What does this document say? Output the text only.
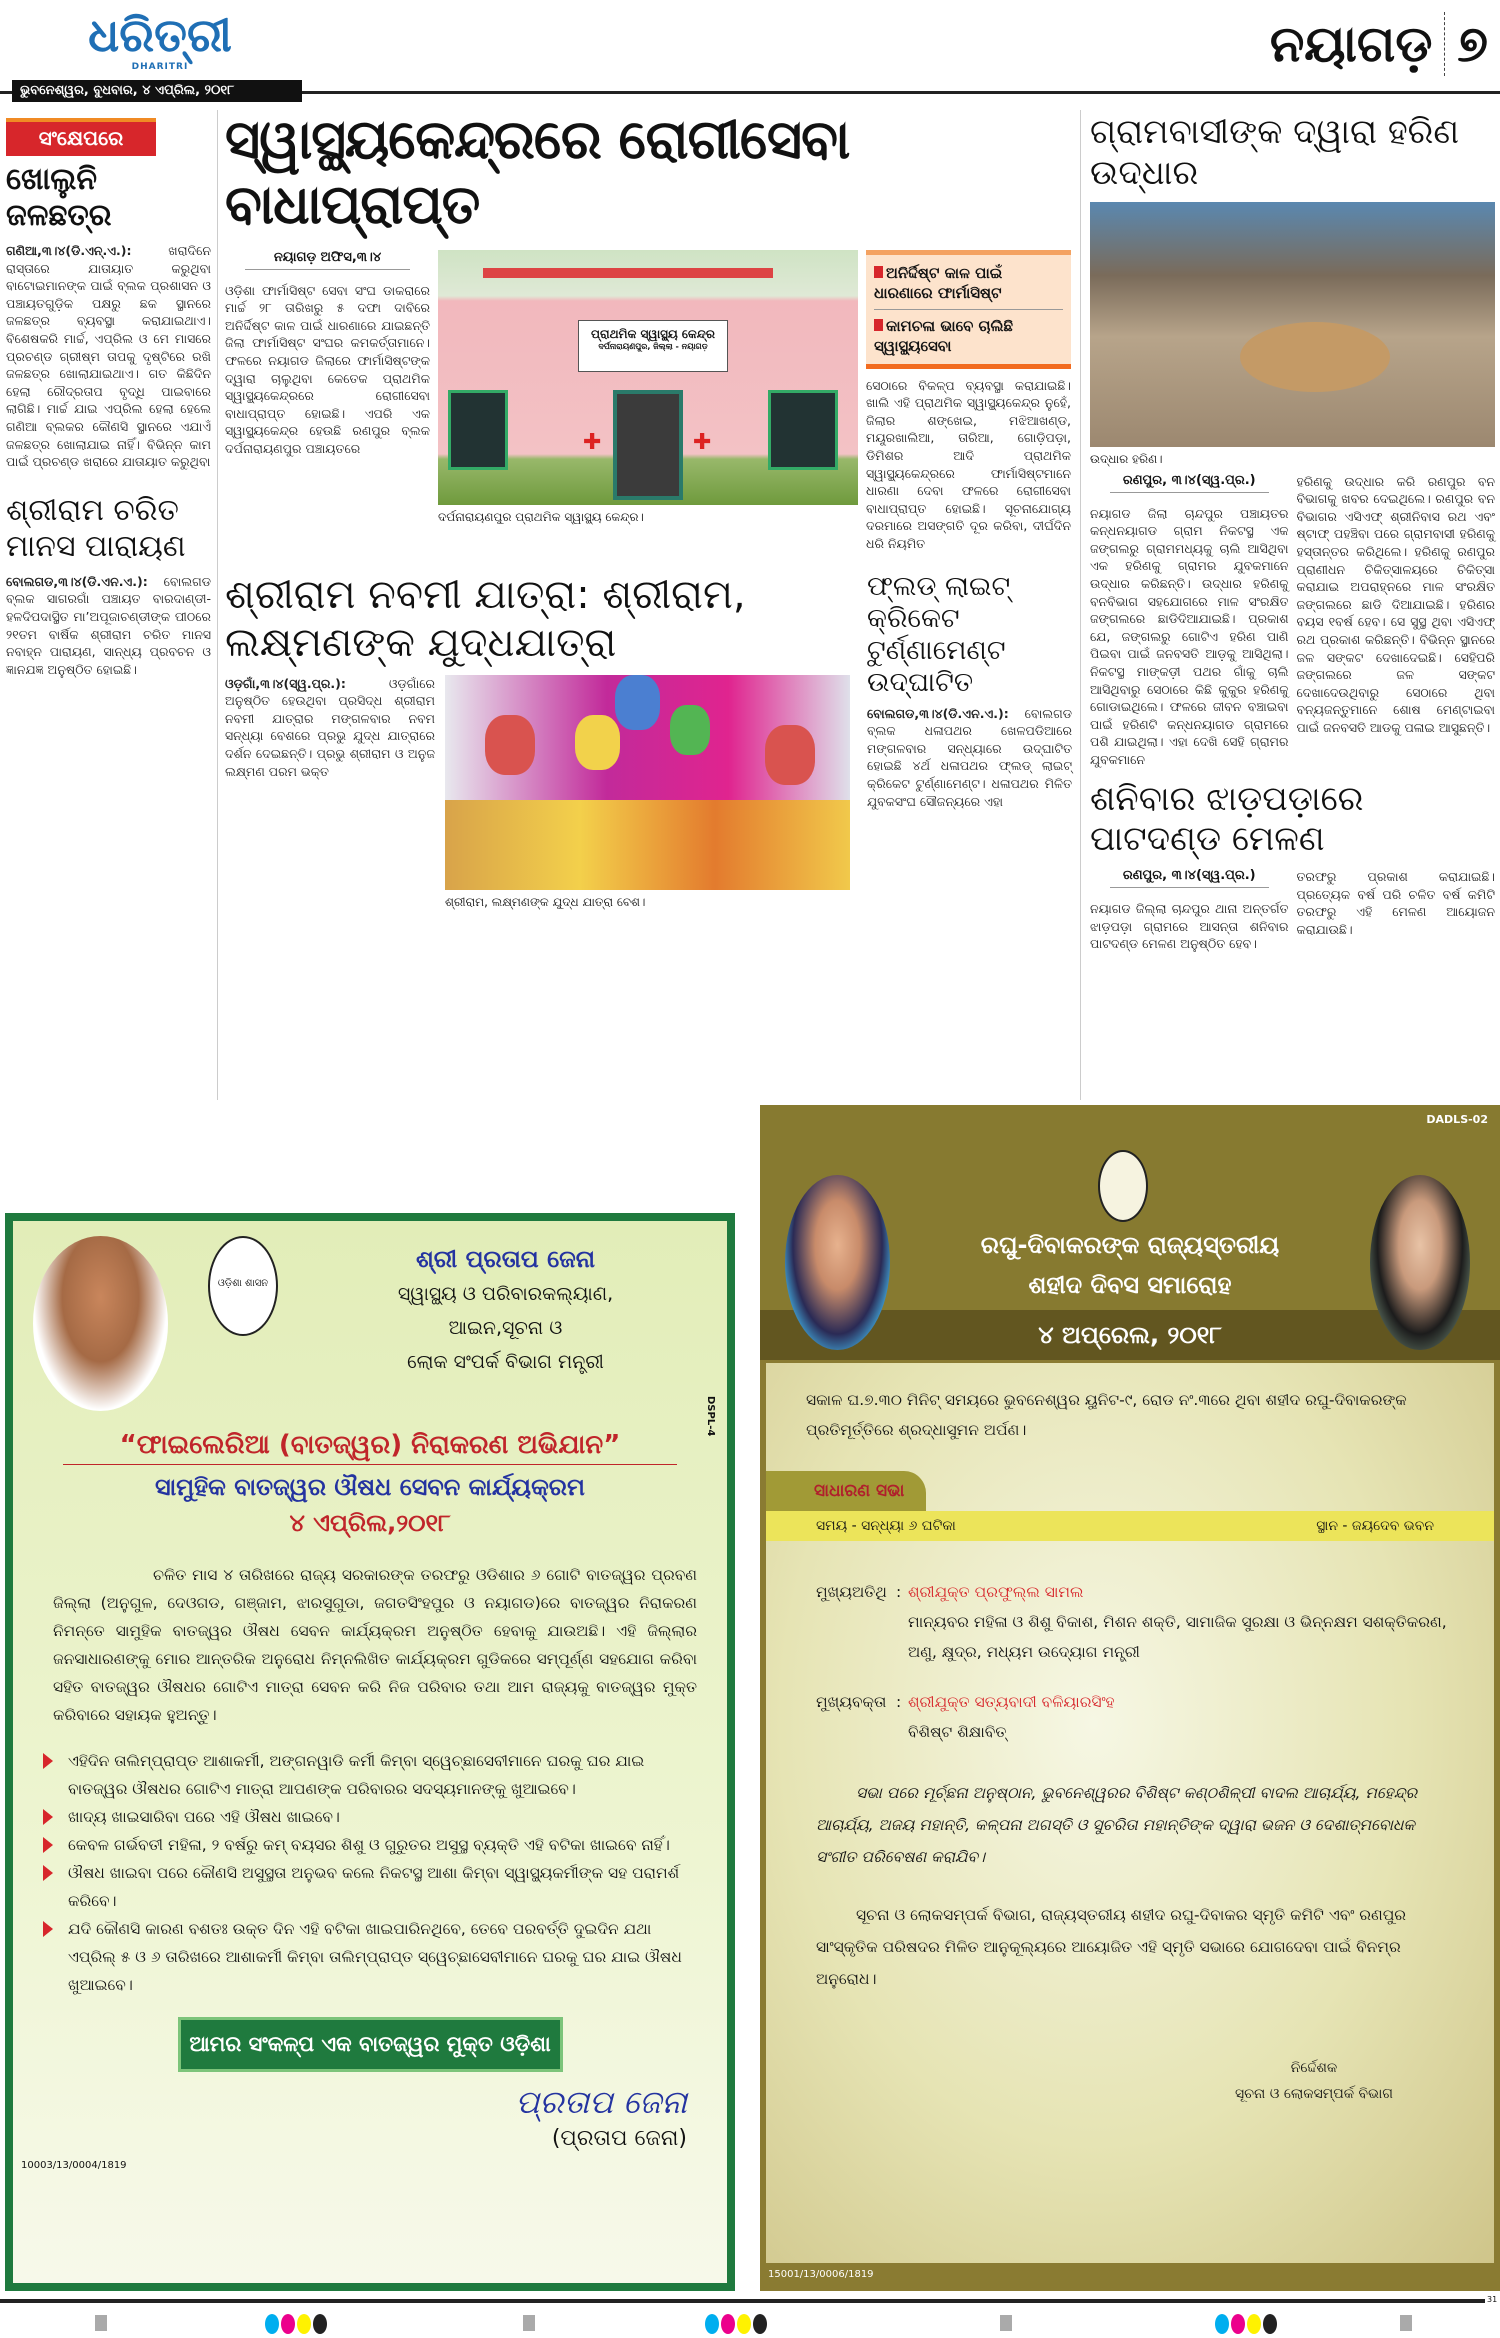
ଧରିତ୍ରୀ
DHARITRI
ଭୁବନେଶ୍ୱର, ବୁଧବାର, ୪ ଏପ୍ରିଲ, ୨୦୧୮
ନୟାଗଡ଼ ୭
ସଂକ୍ଷେପରେ
ଖୋଲୁନି ଜଳଛତ୍ର
ଗଣିଆ,୩।୪(ଡି.ଏନ୍.ଏ.):	ଖରାଦିନେ ରାସ୍ତାରେ ଯାତାୟାତ କରୁଥିବା ବାଟୋଇମାନଙ୍କ ପାଇଁ ବ୍ଲକ ପ୍ରଶାସନ ଓ ପଞ୍ଚାୟତଗୁଡ଼ିକ ପକ୍ଷରୁ ଛକ ସ୍ଥାନରେ ଜଳଛତ୍ର ବ୍ୟବସ୍ଥା କରାଯାଇଥାଏ। ବିଶେଷକରି ମାର୍ଚ୍ଚ, ଏପ୍ରିଲ ଓ ମେ ମାସରେ ପ୍ରଚଣ୍ଡ ଗ୍ରୀଷ୍ମ ତାପକୁ ଦୃଷ୍ଟିରେ ରଖି ଜଳଛତ୍ର ଖୋଲାଯାଇଥାଏ। ଗତ କିଛିଦିନ ହେଲା ରୌଦ୍ରତାପ ବୃଦ୍ଧି ପାଇବାରେ ଲାଗିଛି। ମାର୍ଚ୍ଚ ଯାଇ ଏପ୍ରିଲ ହେଲା ହେଲେ ଗଣିଆ ବ୍ଲକର କୌଣସି ସ୍ଥାନରେ ଏଯାଏଁ ଜଳଛତ୍ର ଖୋଲାଯାଇ ନାହିଁ। ବିଭିନ୍ନ କାମ ପାଇଁ ପ୍ରଚଣ୍ଡ ଖରାରେ ଯାତାୟାତ କରୁଥିବା
ଶ୍ରୀରାମ ଚରିତ ମାନସ ପାରାୟଣ
ବୋଲଗଡ,୩।୪(ଡି.ଏନ.ଏ.): ବୋଲଗଡ ବ୍ଲକ ସାଗରଗାଁ ପଞ୍ଚାୟତ ବାରଦାଣ୍ଡୀ-ହଳଦିପଦାସ୍ଥିତ ମା’ଅପୂଜାଚଣ୍ଡୀଙ୍କ ପୀଠରେ ୨୧ତମ ବାର୍ଷିକ ଶ୍ରୀରାମ ଚରିତ ମାନସ ନବାହ୍ନ ପାରାୟଣ, ସାନ୍ଧ୍ୟ ପ୍ରବଚନ ଓ ଜ୍ଞାନଯଜ୍ଞ ଅନୁଷ୍ଠିତ ହୋଇଛି।
ସ୍ୱାସ୍ଥ୍ୟକେନ୍ଦ୍ରରେ ରୋଗୀସେବା ବାଧାପ୍ରାପ୍ତ
ନୟାଗଡ଼ ଅଫିସ,୩।୪
ଓଡ଼ିଶା ଫାର୍ମାସିଷ୍ଟ ସେବା ସଂଘ ଡାକରାରେ ମାର୍ଚ୍ଚ ୨୮ ତାରିଖରୁ ୫ ଦଫା ଦାବିରେ ଅନିର୍ଦ୍ଦିଷ୍ଟ କାଳ ପାଇଁ ଧାରଣାରେ ଯାଇଛନ୍ତି ଜିଲା ଫାର୍ମାସିଷ୍ଟ ସଂଘର କମକର୍ତ୍ତାମାନେ। ଫଳରେ ନୟାଗଡ ଜିଲାରେ ଫାର୍ମାସିଷ୍ଟଙ୍କ ଦ୍ୱାରା ଚାଲୁଥିବା କେତେକ ପ୍ରାଥମିକ ସ୍ୱାସ୍ଥ୍ୟକେନ୍ଦ୍ରରେ ରୋଗୀସେବା ବାଧାପ୍ରାପ୍ତ ହୋଇଛି। ଏପରି ଏକ ସ୍ୱାସ୍ଥ୍ୟକେନ୍ଦ୍ର ହେଉଛି ରଣପୁର ବ୍ଲକ ଦର୍ପନାରାୟଣପୁର ପଞ୍ଚାୟତରେ
ପ୍ରାଥମିକ ସ୍ୱାସ୍ଥ୍ୟ କେନ୍ଦ୍ର
ଦର୍ପନାରାୟଣପୁର, ଜିଲ୍ଲା - ନୟାଗଡ଼
✚	✚
ଦର୍ପନାରାୟଣପୁର ପ୍ରାଥମିକ ସ୍ୱାସ୍ଥ୍ୟ କେନ୍ଦ୍ର।
ଅନିର୍ଦ୍ଦିଷ୍ଟ କାଳ ପାଇଁ ଧାରଣାରେ ଫାର୍ମାସିଷ୍ଟ
କାମଚଳା ଭାବେ ଚାଲିଛି ସ୍ୱାସ୍ଥ୍ୟସେବା
ସେଠାରେ ବିକଳ୍ପ ବ୍ୟବସ୍ଥା କରାଯାଇଛି। ଖାଲି ଏହି ପ୍ରାଥମିକ ସ୍ୱାସ୍ଥ୍ୟକେନ୍ଦ୍ର ନୁହେଁ, ଜିଲାର ଶଙ୍ଖେଇ, ମଝିଆଖଣ୍ଡ, ମୟୂରଖାଲିଆ, ତାରିଆ, ଗୋଡ଼ିପଡ଼ା, ଡିମିଶର ଆଦି ପ୍ରାଥମିକ ସ୍ୱାସ୍ଥ୍ୟକେନ୍ଦ୍ରରେ ଫାର୍ମାସିଷ୍ଟମାନେ ଧାରଣା ଦେବା ଫଳରେ ରୋଗୀସେବା ବାଧାପ୍ରାପ୍ତ ହୋଇଛି। ସୂଚନାଯୋଗ୍ୟ ଦରମାରେ ଅସଙ୍ଗତି ଦୂର କରିବା, ଦୀର୍ଘଦିନ ଧରି ନିୟମିତ
ଶ୍ରୀରାମ ନବମୀ ଯାତ୍ରା: ଶ୍ରୀରାମ, ଲକ୍ଷ୍ମଣଙ୍କ ଯୁଦ୍ଧଯାତ୍ରା
ଓଡ଼ଗାଁ,୩।୪(ସ୍ୱ.ପ୍ର.):	ଓଡ଼ଗାଁରେ ଅନୁଷ୍ଠିତ ହେଉଥିବା ପ୍ରସିଦ୍ଧ ଶ୍ରୀରାମ ନବମୀ ଯାତ୍ରାର ମଙ୍ଗଳବାର ନବମ ସନ୍ଧ୍ୟା ବେଶରେ ପ୍ରଭୁ ଯୁଦ୍ଧ ଯାତ୍ରାରେ ଦର୍ଶନ ଦେଇଛନ୍ତି। ପ୍ରଭୁ ଶ୍ରୀରାମ ଓ ଅନୁଜ ଲକ୍ଷ୍ମଣ ପରମ ଭକ୍ତ
ଶ୍ରୀରାମ, ଲକ୍ଷ୍ମଣଙ୍କ ଯୁଦ୍ଧ ଯାତ୍ରା ବେଶ।
ଫ୍ଲଡ୍ ଲାଇଟ୍ କ୍ରିକେଟ ଟୁର୍ଣ୍ଣାମେଣ୍ଟ ଉଦ୍‌ଘାଟିତ
ବୋଲଗଡ,୩।୪(ଡି.ଏନ.ଏ.): ବୋଲଗଡ ବ୍ଲକ ଧଳାପଥର ଖେଳପଡିଆରେ ମଙ୍ଗଳବାର ସନ୍ଧ୍ୟାରେ ଉଦ୍‌ଘାଟିତ ହୋଇଛି ୪ର୍ଥ ଧଳାପଥର ଫ୍ଲଡ୍ ଲାଇଟ୍ କ୍ରିକେଟ ଟୁର୍ଣ୍ଣାମେଣ୍ଟ। ଧଳାପଥର ମିଳିତ ଯୁବକସଂଘ ସୌଜନ୍ୟରେ ଏହା
ଗ୍ରାମବାସୀଙ୍କ ଦ୍ୱାରା ହରିଣ ଉଦ୍ଧାର
ଉଦ୍ଧାର ହରିଣ।
ରଣପୁର, ୩।୪(ସ୍ୱ.ପ୍ର.)
ନୟାଗଡ ଜିଲା ଚାନ୍ଦପୁର ପଞ୍ଚାୟତର କନ୍ଧନୟାଗଡ ଗ୍ରାମ ନିକଟସ୍ଥ ଏକ ଜଙ୍ଗଲରୁ ଗ୍ରାମମଧ୍ୟକୁ ଚାଲି ଆସିଥିବା ଏକ ହରିଣକୁ ଗ୍ରାମର ଯୁବକମାନେ ଉଦ୍ଧାର କରିଛନ୍ତି। ଉଦ୍ଧାର ହରିଣକୁ ବନବିଭାଗ ସହଯୋଗରେ ମାଳ ସଂରକ୍ଷିତ ଜଙ୍ଗଲରେ ଛାଡିଦିଆଯାଇଛି। ପ୍ରକାଶ ଯେ, ଜଙ୍ଗଲରୁ ଗୋଟିଏ ହରିଣ ପାଣି ପିଇବା ପାଇଁ ଜନବସତି ଆଡ଼କୁ ଆସିଥିଲା। ନିକଟସ୍ଥ ମାଙ୍କଡ଼ୀ ପଥର ଗାଁକୁ ଚାଲି ଆସିଥିବାରୁ ସେଠାରେ କିଛି କୁକୁର ହରିଣକୁ ଗୋଡାଇଥିଲେ। ଫଳରେ ଜୀବନ ବଞ୍ଚାଇବା ପାଇଁ ହରିଣଟି କନ୍ଧନୟାଗଡ ଗ୍ରାମରେ ପଶି ଯାଇଥିଲା। ଏହା ଦେଖି ସେହି ଗ୍ରାମର ଯୁବକମାନେ
ହରିଣକୁ ଉଦ୍ଧାର କରି ରଣପୁର ବନ ବିଭାଗକୁ ଖବର ଦେଇଥିଲେ। ରଣପୁର ବନ ବିଭାଗର ଏସିଏଫ୍ ଶ୍ରୀନିବାସ ରଥ ଏବଂ ଷ୍ଟାଫ୍ ପହଞ୍ଚିବା ପରେ ଗ୍ରାମବାସୀ ହରିଣକୁ ହସ୍ତାନ୍ତର କରିଥିଲେ। ହରିଣକୁ ରଣପୁର ପ୍ରାଣୀଧନ ଚିକିତ୍ସାଳୟରେ ଚିକିତ୍ସା କରାଯାଇ ଅପରାହ୍ନରେ ମାଳ ସଂରକ୍ଷିତ ଜଙ୍ଗଲରେ ଛାଡି ଦିଆଯାଇଛି। ହରିଣର ବୟସ ୧ବର୍ଷ ହେବ। ସେ ସୁସ୍ଥ ଥିବା ଏସିଏଫ୍ ରଥ ପ୍ରକାଶ କରିଛନ୍ତି। ବିଭିନ୍ନ ସ୍ଥାନରେ ଜଳ ସଙ୍କଟ ଦେଖାଦେଇଛି। ସେହିପରି ଜଙ୍ଗଲରେ ଜଳ ସଙ୍କଟ ଦେଖାଦେଉଥିବାରୁ ସେଠାରେ ଥିବା ବନ୍ୟଜନ୍ତୁମାନେ ଶୋଷ ମେଣ୍ଟାଇବା ପାଇଁ ଜନବସତି ଆଡକୁ ପଳାଇ ଆସୁଛନ୍ତି।
ଶନିବାର ଝାଡ଼ପଡ଼ାରେ ପାଟଦଣ୍ଡ ମେଳଣ
ରଣପୁର, ୩।୪(ସ୍ୱ.ପ୍ର.)
ନୟାଗଡ ଜିଲ୍ଲା ଚାନ୍ଦପୁର ଥାନା ଅନ୍ତର୍ଗତ ଝାଡ଼ପଡ଼ା ଗ୍ରାମରେ ଆସନ୍ତା ଶନିବାର ପାଟଦଣ୍ଡ ମେଳଣ ଅନୁଷ୍ଠିତ ହେବ।
ତରଫରୁ ପ୍ରକାଶ କରାଯାଇଛି। ପ୍ରତ୍ୟେକ ବର୍ଷ ପରି ଚଳିତ ବର୍ଷ କମିଟି ତରଫରୁ ଏହି ମେଳଣ ଆୟୋଜନ କରାଯାଉଛି।
ଓଡ଼ିଶା ଶାସନ
ଶ୍ରୀ ପ୍ରତାପ ଜେନା
ସ୍ୱାସ୍ଥ୍ୟ ଓ ପରିବାରକଲ୍ୟାଣ,
ଆଇନ,ସୂଚନା ଓ
ଲୋକ ସଂପର୍କ ବିଭାଗ ମନ୍ତ୍ରୀ
DSPL-4
“ଫାଇଲେରିଆ (ବାତଜ୍ୱର) ନିରାକରଣ ଅଭିଯାନ”
ସାମୁହିକ ବାତଜ୍ୱର ଔଷଧ ସେବନ କାର୍ଯ୍ୟକ୍ରମ
୪ ଏପ୍ରିଲ,୨୦୧୮
ଚଳିତ ମାସ ୪ ତାରିଖରେ ରାଜ୍ୟ ସରକାରଙ୍କ ତରଫରୁ ଓଡିଶାର ୬ ଗୋଟି ବାତଜ୍ୱର ପ୍ରବଣ ଜିଲ୍ଲା (ଅନୁଗୁଳ, ଦେଓଗଡ, ଗଞ୍ଜାମ, ଝାରସୁଗୁଡା, ଜଗତସିଂହପୁର ଓ ନୟାଗଡ)ରେ ବାତଜ୍ୱର ନିରାକରଣ ନିମନ୍ତେ ସାମୁହିକ ବାତଜ୍ୱର ଔଷଧ ସେବନ କାର୍ଯ୍ୟକ୍ରମ ଅନୁଷ୍ଠିତ ହେବାକୁ ଯାଉଅଛି। ଏହି ଜିଲ୍ଲାର ଜନସାଧାରଣଙ୍କୁ ମୋର ଆନ୍ତରିକ ଅନୁରୋଧ ନିମ୍ନଲିଖିତ କାର୍ଯ୍ୟକ୍ରମ ଗୁଡିକରେ ସମ୍ପୂର୍ଣ୍ଣ ସହଯୋଗ କରିବା ସହିତ ବାତଜ୍ୱର ଔଷଧର ଗୋଟିଏ ମାତ୍ରା ସେବନ କରି ନିଜ ପରିବାର ତଥା ଆମ ରାଜ୍ୟକୁ ବାତଜ୍ୱର ମୁକ୍ତ କରିବାରେ ସହାୟକ ହୁଅନ୍ତୁ।
ଏହିଦିନ ତାଲିମ୍‌ପ୍ରାପ୍ତ ଆଶାକର୍ମୀ, ଅଙ୍ଗନୱାଡି କର୍ମୀ କିମ୍ବା ସ୍ୱେଚ୍ଛାସେବୀମାନେ ଘରକୁ ଘର ଯାଇ ବାତଜ୍ୱର ଔଷଧର ଗୋଟିଏ ମାତ୍ରା ଆପଣଙ୍କ ପରିବାରର ସଦସ୍ୟମାନଙ୍କୁ ଖୁଆଇବେ।
ଖାଦ୍ୟ ଖାଇସାରିବା ପରେ ଏହି ଔଷଧ ଖାଇବେ।
କେବଳ ଗର୍ଭବତୀ ମହିଳା, ୨ ବର୍ଷରୁ କମ୍ ବୟସର ଶିଶୁ ଓ ଗୁରୁତର ଅସୁସ୍ଥ ବ୍ୟକ୍ତି ଏହି ବଟିକା ଖାଇବେ ନାହିଁ।
ଔଷଧ ଖାଇବା ପରେ କୌଣସି ଅସୁସ୍ଥତା ଅନୁଭବ କଲେ ନିକଟସ୍ଥ ଆଶା କିମ୍ବା ସ୍ୱାସ୍ଥ୍ୟକର୍ମୀଙ୍କ ସହ ପରାମର୍ଶ କରିବେ।
ଯଦି କୌଣସି କାରଣ ବଶତଃ ଉକ୍ତ ଦିନ ଏହି ବଟିକା ଖାଇପାରିନଥିବେ, ତେବେ ପରବର୍ତ୍ତି ଦୁଇଦିନ ଯଥା ଏପ୍ରିଲ୍ ୫ ଓ ୬ ତାରିଖରେ ଆଶାକର୍ମୀ କିମ୍ବା ତାଲିମ୍‌ପ୍ରାପ୍ତ ସ୍ୱେଚ୍ଛାସେବୀମାନେ ଘରକୁ ଘର ଯାଇ ଔଷଧ ଖୁଆଇବେ।
ଆମର ସଂକଳ୍ପ ଏକ ବାତଜ୍ୱର ମୁକ୍ତ ଓଡ଼ିଶା
ପ୍ରତାପ ଜେନା
(ପ୍ରତାପ ଜେନା)
10003/13/0004/1819
DADLS-02
ରଘୁ-ଦିବାକରଙ୍କ ରାଜ୍ୟସ୍ତରୀୟ
ଶହୀଦ ଦିବସ ସମାରୋହ
୪ ଅପ୍ରେଲ, ୨୦୧୮
ସକାଳ ଘ.୭.୩୦ ମିନିଟ୍ ସମୟରେ ଭୁବନେଶ୍ୱର ୟୁନିଟ-୯, ରୋଡ ନଂ.୩ରେ ଥିବା ଶହୀଦ ରଘୁ-ଦିବାକରଙ୍କ ପ୍ରତିମୂର୍ତ୍ତିରେ ଶ୍ରଦ୍ଧାସୁମନ ଅର୍ପଣ।
ସାଧାରଣ ସଭା
ସମୟ - ସନ୍ଧ୍ୟା ୬ ଘଟିକା	ସ୍ଥାନ - ଜୟଦେବ ଭବନ
ମୁଖ୍ୟଅତିଥି : ଶ୍ରୀଯୁକ୍ତ ପ୍ରଫୁଲ୍ଲ ସାମଲ
ମାନ୍ୟବର ମହିଳା ଓ ଶିଶୁ ବିକାଶ, ମିଶନ ଶକ୍ତି, ସାମାଜିକ ସୁରକ୍ଷା ଓ ଭିନ୍ନକ୍ଷମ ସଶକ୍ତିକରଣ, ଅଣୁ, କ୍ଷୁଦ୍ର, ମଧ୍ୟମ ଉଦ୍ୟୋଗ ମନ୍ତ୍ରୀ
ମୁଖ୍ୟବକ୍ତା : ଶ୍ରୀଯୁକ୍ତ ସତ୍ୟବାଦୀ ବଳିୟାରସିଂହ
ବିଶିଷ୍ଟ ଶିକ୍ଷାବିତ୍
ସଭା ପରେ ମୂର୍ଚ୍ଛନା ଅନୁଷ୍ଠାନ, ଭୁବନେଶ୍ୱରର ବିଶିଷ୍ଟ କଣ୍ଠଶିଳ୍ପୀ ବାଦଲ ଆଚାର୍ଯ୍ୟ, ମହେନ୍ଦ୍ର ଆଚାର୍ଯ୍ୟ, ଅଜୟ ମହାନ୍ତି, କଳ୍ପନା ଅଗସ୍ତି ଓ ସୁଚରିତା ମହାନ୍ତିଙ୍କ ଦ୍ୱାରା ଭଜନ ଓ ଦେଶାତ୍ମବୋଧକ ସଂଗୀତ ପରିବେଷଣ କରାଯିବ।
ସୂଚନା ଓ ଲୋକସମ୍ପର୍କ ବିଭାଗ, ରାଜ୍ୟସ୍ତରୀୟ ଶହୀଦ ରଘୁ-ଦିବାକର ସ୍ମୃତି କମିଟି ଏବଂ ରଣପୁର ସାଂସ୍କୃତିକ ପରିଷଦର ମିଳିତ ଆନୁକୂଲ୍ୟରେ ଆୟୋଜିତ ଏହି ସ୍ମୃତି ସଭାରେ ଯୋଗଦେବା ପାଇଁ ବିନମ୍ର ଅନୁରୋଧ।
ନିର୍ଦ୍ଦେଶକ
ସୂଚନା ଓ ଲୋକସମ୍ପର୍କ ବିଭାଗ
15001/13/0006/1819
31
